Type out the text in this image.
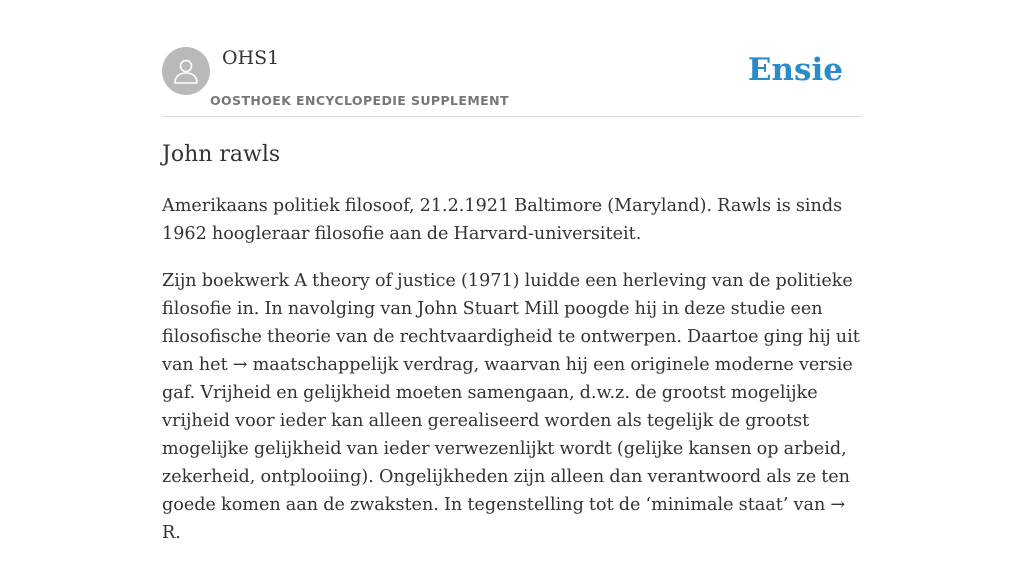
OHS1
OOSTHOEK ENCYCLOPEDIE SUPPLEMENT
Ensie
John rawls

Amerikaans politiek filosoof, 21.2.1921 Baltimore (Maryland). Rawls is sinds 1962 hoogleraar filosofie aan de Harvard-universiteit.

Zijn boekwerk A theory of justice (1971) luidde een herleving van de politieke filosofie in. In navolging van John Stuart Mill poogde hij in deze studie een filosofische theorie van de rechtvaardigheid te ontwerpen. Daartoe ging hij uit van het → maatschappelijk verdrag, waarvan hij een originele moderne versie gaf. Vrijheid en gelijkheid moeten samengaan, d.w.z. de grootst mogelijke vrijheid voor ieder kan alleen gerealiseerd worden als tegelijk de grootst mogelijke gelijkheid van ieder verwezenlijkt wordt (gelijke kansen op arbeid, zekerheid, ontplooiing). Ongelijkheden zijn alleen dan verantwoord als ze ten goede komen aan de zwaksten. In tegenstelling tot de ‘minimale staat’ van → R.
